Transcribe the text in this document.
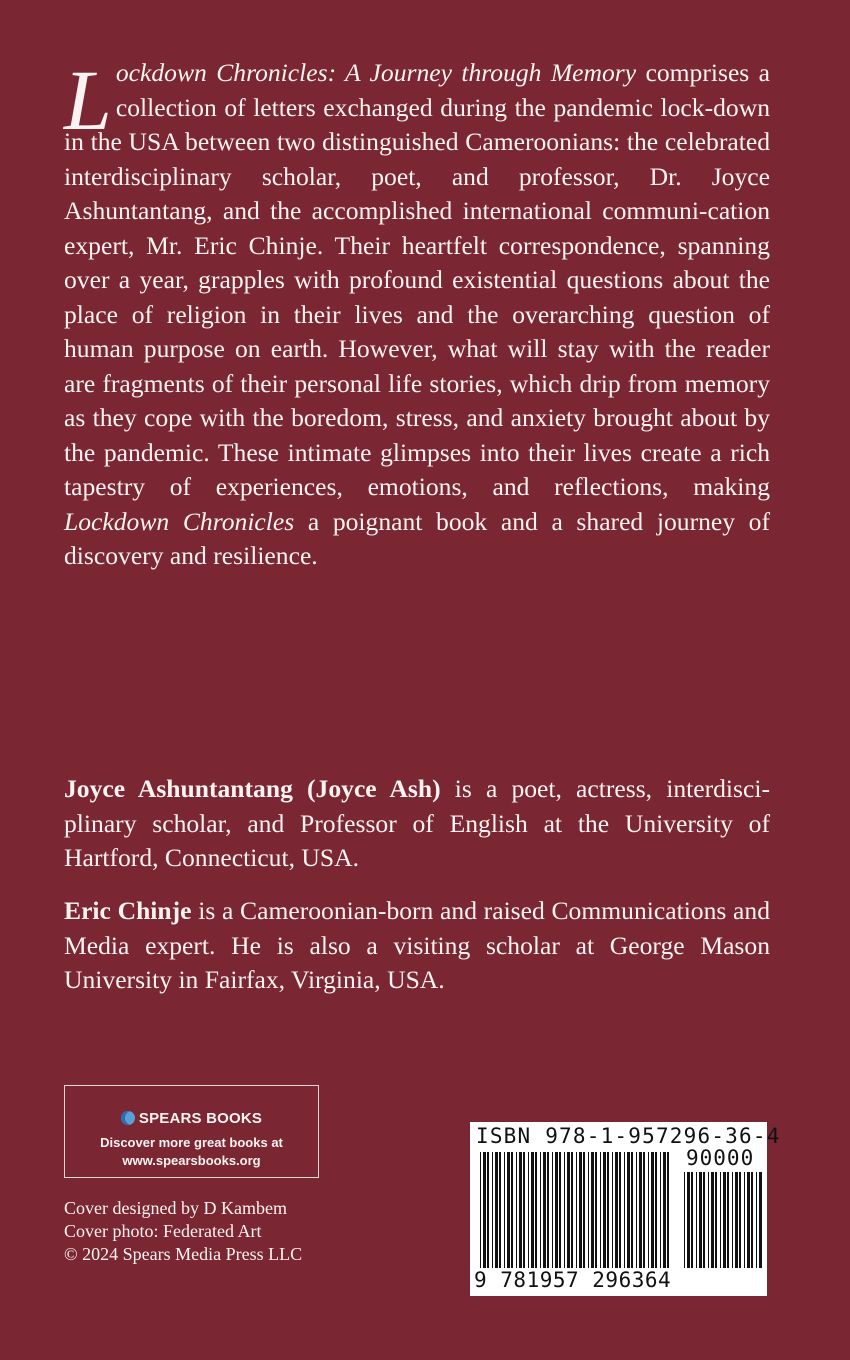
Lockdown Chronicles: A Journey through Memory comprises a collection of letters exchanged during the pandemic lock-down in the USA between two distinguished Cameroonians: the celebrated interdisciplinary scholar, poet, and professor, Dr. Joyce Ashuntantang, and the accomplished international communi-cation expert, Mr. Eric Chinje. Their heartfelt correspondence, spanning over a year, grapples with profound existential questions about the place of religion in their lives and the overarching question of human purpose on earth. However, what will stay with the reader are fragments of their personal life stories, which drip from memory as they cope with the boredom, stress, and anxiety brought about by the pandemic. These intimate glimpses into their lives create a rich tapestry of experiences, emotions, and reflections, making Lockdown Chronicles a poignant book and a shared journey of discovery and resilience.
Joyce Ashuntantang (Joyce Ash) is a poet, actress, interdisci-plinary scholar, and Professor of English at the University of Hartford, Connecticut, USA.
Eric Chinje is a Cameroonian-born and raised Communications and Media expert. He is also a visiting scholar at George Mason University in Fairfax, Virginia, USA.
SPEARS BOOKS
Discover more great books at
www.spearsbooks.org
Cover designed by D Kambem
Cover photo: Federated Art
© 2024 Spears Media Press LLC
ISBN 978-1-957296-36-4
90000
9 781957 296364
